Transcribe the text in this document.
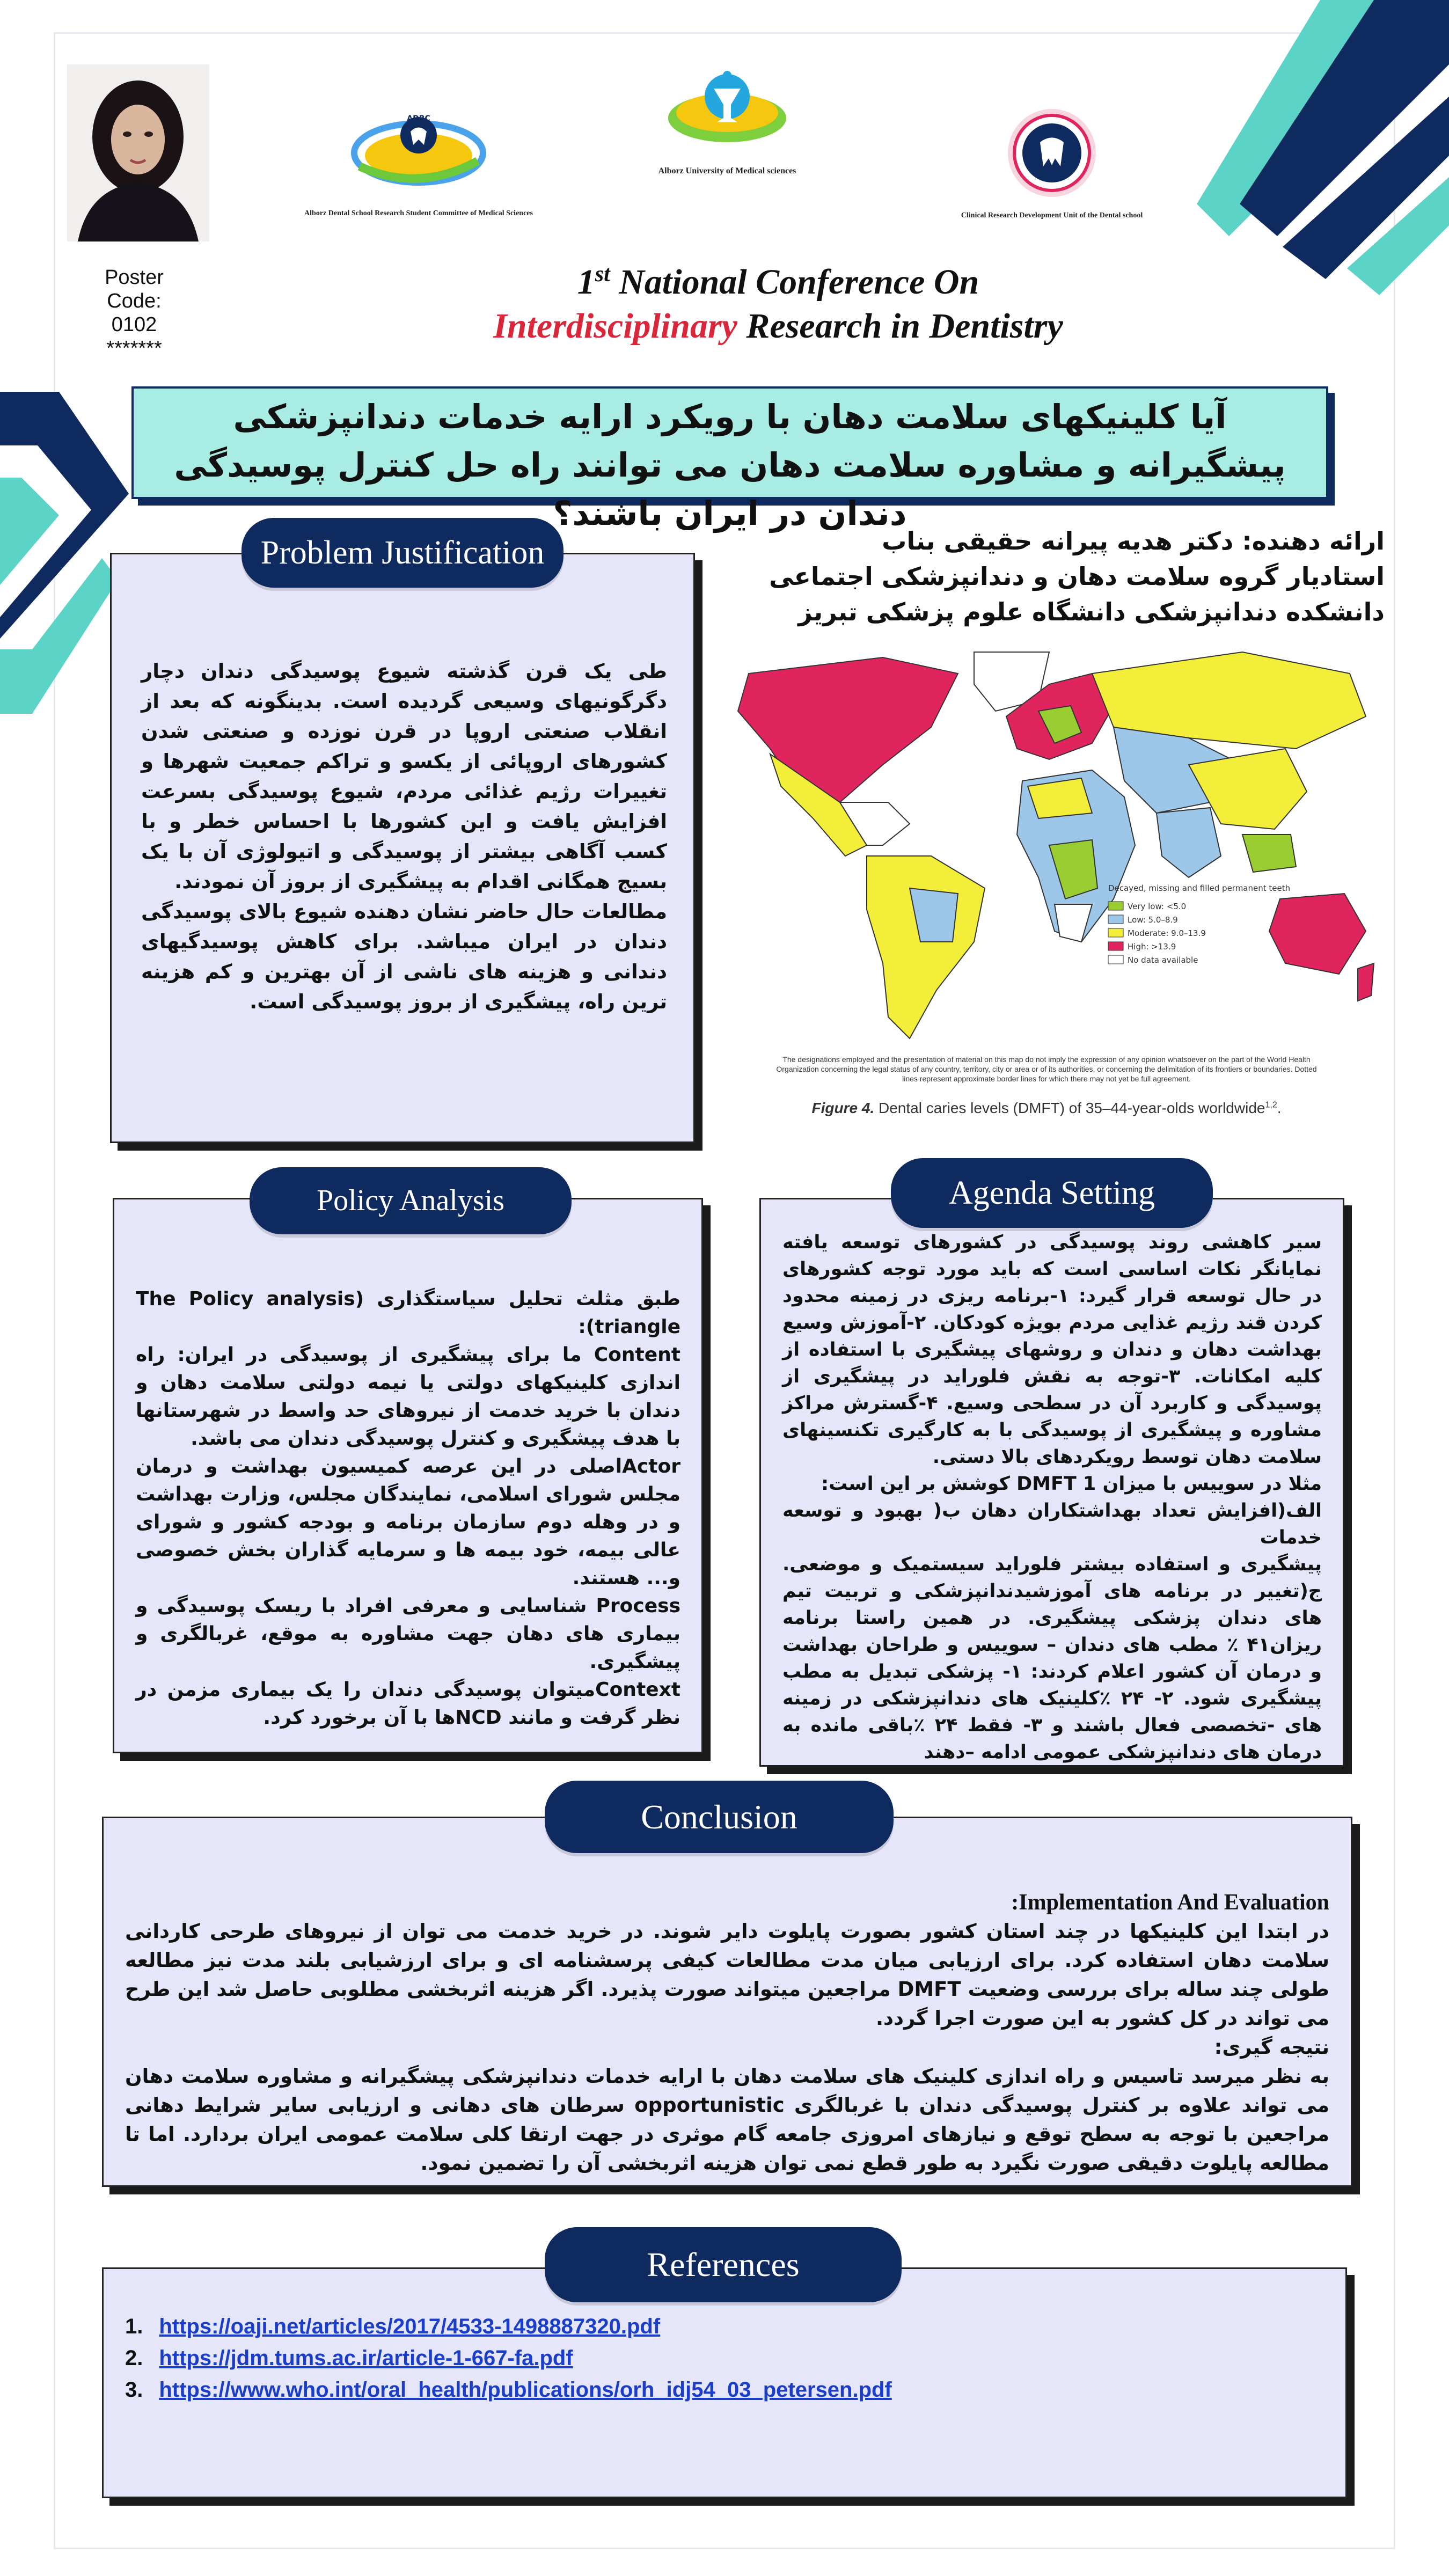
Poster
Code:
0102
*******
ADRC
Alborz Dental School Research Student Committee of Medical Sciences
Alborz University of Medical sciences
Clinical Research Development Unit of the Dental school
1st National Conference On
Interdisciplinary Research in Dentistry
آیا کلینیکهای سلامت دهان با رویکرد ارایه خدمات دندانپزشکی پیشگیرانه و مشاوره سلامت دهان می توانند راه حل کنترل پوسیدگی دندان در ایران باشند؟
ارائه دهنده: دکتر هدیه پیرانه حقیقی بناب
استادیار گروه سلامت دهان و دندانپزشکی اجتماعی
دانشکده دندانپزشکی دانشگاه علوم پزشکی تبریز
طی یک قرن گذشته شیوع پوسیدگی دندان دچار دگرگونیهای وسیعی گردیده است. بدینگونه که بعد از انقلاب صنعتی اروپا در قرن نوزده و صنعتی شدن کشورهای اروپائی از یکسو و تراکم جمعیت شهرها و تغییرات رژیم غذائی مردم، شیوع پوسیدگی بسرعت افزایش یافت و این کشورها با احساس خطر و با کسب آگاهی بیشتر از پوسیدگی و اتیولوژی آن با یک بسیج همگانی اقدام به پیشگیری از بروز آن نمودند.
مطالعات حال حاضر نشان دهنده شیوع بالای پوسیدگی دندان در ایران میباشد. برای کاهش پوسیدگیهای دندانی و هزینه های ناشی از آن بهترین و کم هزینه ترین راه، پیشگیری از بروز پوسیدگی است.
Problem Justification
Decayed, missing and filled permanent teeth
Very low: <5.0
Low: 5.0–8.9
Moderate: 9.0–13.9
High: >13.9
No data available
The designations employed and the presentation of material on this map do not imply the expression of any opinion whatsoever on the part of the World Health Organization concerning the legal status of any country, territory, city or area or of its authorities, or concerning the delimitation of its frontiers or boundaries. Dotted lines represent approximate border lines for which there may not yet be full agreement.
Figure 4. Dental caries levels (DMFT) of 35–44-year-olds worldwide$^{1,2}$.
طبق مثلث تحلیل سیاستگذاری (The Policy analysis triangle):
Content ما برای پیشگیری از پوسیدگی در ایران: راه اندازی کلینیکهای دولتی یا نیمه دولتی سلامت دهان و دندان با خرید خدمت از نیروهای حد واسط در شهرستانها با هدف پیشگیری و کنترل پوسیدگی دندان می باشد.
Actorاصلی در این عرصه کمیسیون بهداشت و درمان مجلس شورای اسلامی، نمایندگان مجلس، وزارت بهداشت و در وهله دوم سازمان برنامه و بودجه کشور و شورای عالی بیمه، خود بیمه ها و سرمایه گذاران بخش خصوصی و... هستند.
Process شناسایی و معرفی افراد با ریسک پوسیدگی و بیماری های دهان جهت مشاوره به موقع، غربالگری و پیشگیری.
Contextمیتوان پوسیدگی دندان را یک بیماری مزمن در نظر گرفت و مانند NCDها با آن برخورد کرد.
Policy Analysis
سیر کاهشی روند پوسیدگی در کشورهای توسعه یافته نمایانگر نکات اساسی است که باید مورد توجه کشورهای در حال توسعه قرار گیرد: ۱-برنامه ریزی در زمینه محدود کردن قند رژیم غذایی مردم بویژه کودکان. ۲-آموزش وسیع بهداشت دهان و دندان و روشهای پیشگیری با استفاده از کلیه امکانات. ۳-توجه به نقش فلوراید در پیشگیری از پوسیدگی و کاربرد آن در سطحی وسیع. ۴-گسترش مراکز مشاوره و پیشگیری از پوسیدگی با به کارگیری تکنسینهای سلامت دهان توسط رویکردهای بالا دستی.
مثلا در سوییس با میزان DMFT 1 کوشش بر این است:
الف(افزایش تعداد بهداشتکاران دهان ب( بهبود و توسعه خدمات
پیشگیری و استفاده بیشتر فلوراید سیستمیک و موضعی. ج(تغییر در برنامه های آموزشیدندانپزشکی و تربیت تیم های دندان پزشکی پیشگیری. در همین راستا برنامه ریزان۴۱ ٪ مطب های دندان – سوییس و طراحان بهداشت و درمان آن کشور اعلام کردند: ۱- پزشکی تبدیل به مطب پیشگیری شود. ۲- ۲۴ ٪کلینیک های دندانپزشکی در زمینه های -تخصصی فعال باشند و ۳- فقط ۲۴ ٪باقی مانده به درمان های دندانپزشکی عمومی ادامه –دهند
Agenda Setting
Implementation And Evaluation:
در ابتدا این کلینیکها در چند استان کشور بصورت پایلوت دایر شوند. در خرید خدمت می توان از نیروهای طرحی کاردانی سلامت دهان استفاده کرد. برای ارزیابی میان مدت مطالعات کیفی پرسشنامه ای و برای ارزشیابی بلند مدت نیز مطالعه طولی چند ساله برای بررسی وضعیت DMFT مراجعین میتواند صورت پذیرد. اگر هزینه اثربخشی مطلوبی حاصل شد این طرح می تواند در کل کشور به این صورت اجرا گردد.
نتیجه گیری:
به نظر میرسد تاسیس و راه اندازی کلینیک های سلامت دهان با ارایه خدمات دندانپزشکی پیشگیرانه و مشاوره سلامت دهان می تواند علاوه بر کنترل پوسیدگی دندان با غربالگری opportunistic سرطان های دهانی و ارزیابی سایر شرایط دهانی مراجعین با توجه به سطح توقع و نیازهای امروزی جامعه گام موثری در جهت ارتقا کلی سلامت عمومی ایران بردارد. اما تا مطالعه پایلوت دقیقی صورت نگیرد به طور قطع نمی توان هزینه اثربخشی آن را تضمین نمود.
Conclusion
1. https://oaji.net/articles/2017/4533-1498887320.pdf
2. https://jdm.tums.ac.ir/article-1-667-fa.pdf
3. https://www.who.int/oral_health/publications/orh_idj54_03_petersen.pdf
References
